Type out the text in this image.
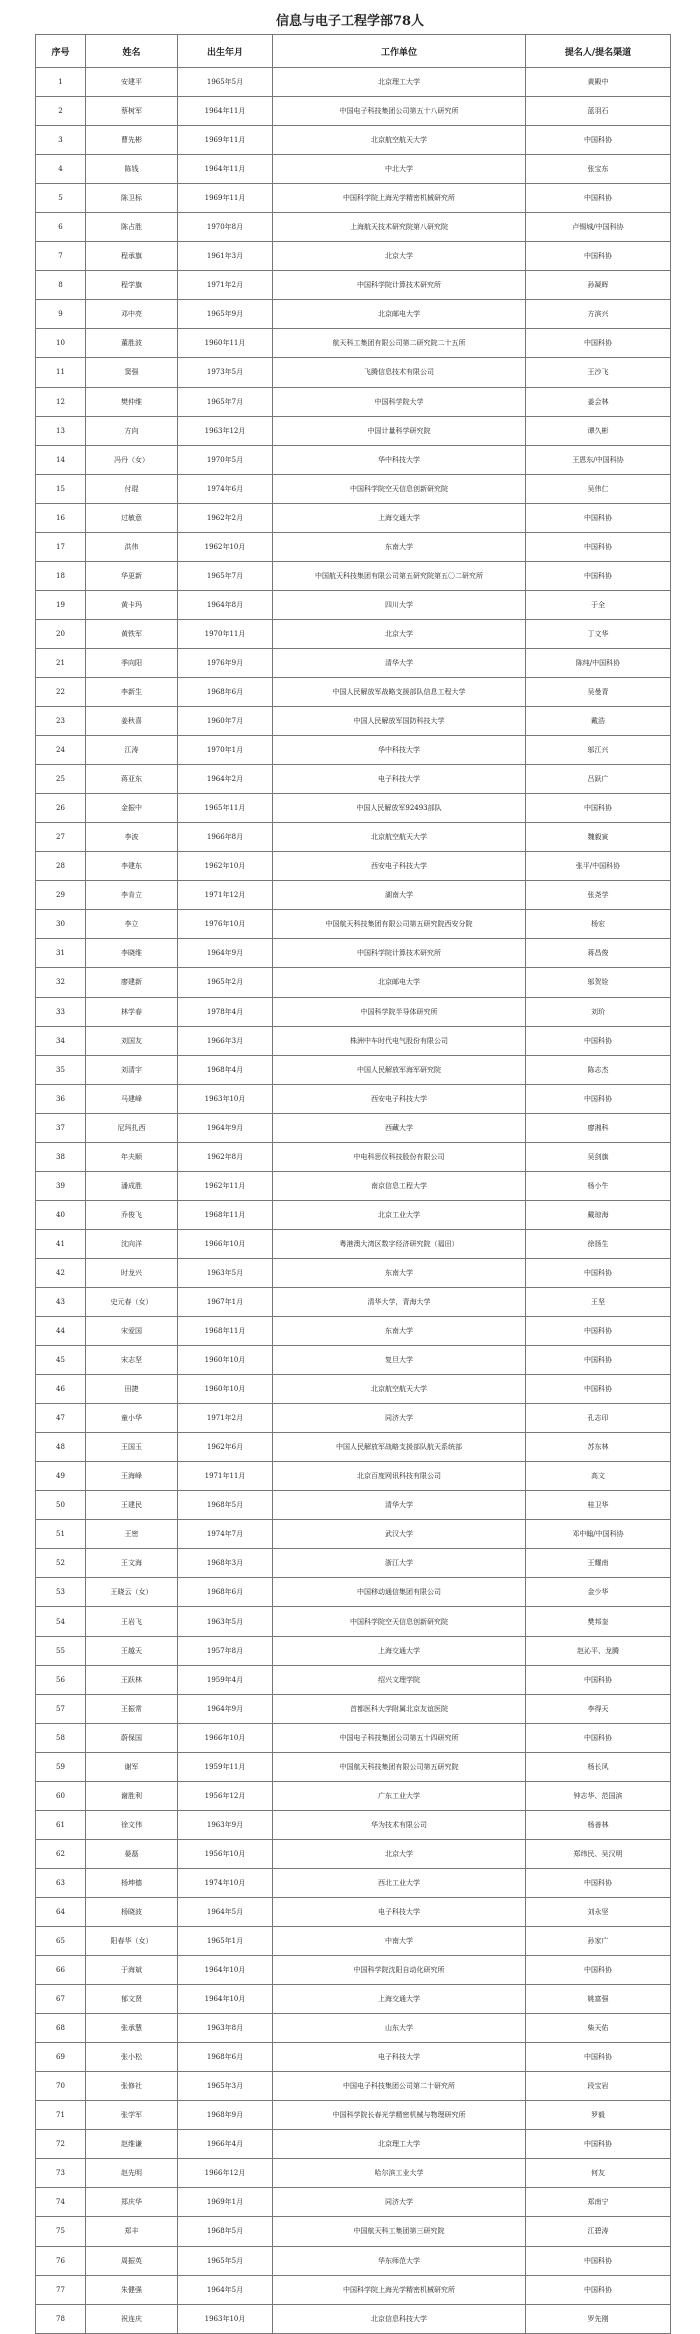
信息与电子工程学部78人
序号	姓名	出生年月	工作单位	提名人/提名渠道
1	安建平	1965年5月	北京理工大学	黄殿中
2	蔡树军	1964年11月	中国电子科技集团公司第五十八研究所	蓝羽石
3	曹先彬	1969年11月	北京航空航天大学	中国科协
4	陈钱	1964年11月	中北大学	张宝东
5	陈卫标	1969年11月	中国科学院上海光学精密机械研究所	中国科协
6	陈占胜	1970年8月	上海航天技术研究院第八研究院	卢锡城/中国科协
7	程承旗	1961年3月	北京大学	中国科协
8	程学旗	1971年2月	中国科学院计算技术研究所	孙凝晖
9	邓中亮	1965年9月	北京邮电大学	方滨兴
10	董胜波	1960年11月	航天科工集团有限公司第二研究院二十五所	中国科协
11	窦强	1973年5月	飞腾信息技术有限公司	王沙飞
12	樊仲维	1965年7月	中国科学院大学	姜会林
13	方向	1963年12月	中国计量科学研究院	谭久彬
14	冯丹（女）	1970年5月	华中科技大学	王恩东/中国科协
15	付琨	1974年6月	中国科学院空天信息创新研究院	吴伟仁
16	过敏意	1962年2月	上海交通大学	中国科协
17	洪伟	1962年10月	东南大学	中国科协
18	华更新	1965年7月	中国航天科技集团有限公司第五研究院第五〇二研究所	中国科协
19	黄卡玛	1964年8月	四川大学	于全
20	黄铁军	1970年11月	北京大学	丁文华
21	季向阳	1976年9月	清华大学	陈纯/中国科协
22	李新生	1968年6月	中国人民解放军战略支援部队信息工程大学	吴曼青
23	姜秋喜	1960年7月	中国人民解放军国防科技大学	戴浩
24	江涛	1970年1月	华中科技大学	邬江兴
25	蒋亚东	1964年2月	电子科技大学	吕跃广
26	金振中	1965年11月	中国人民解放军92493部队	中国科协
27	李波	1966年8月	北京航空航天大学	魏毅寅
28	李建东	1962年10月	西安电子科技大学	张平/中国科协
29	李肯立	1971年12月	湖南大学	张尧学
30	李立	1976年10月	中国航天科技集团有限公司第五研究院西安分院	杨宏
31	李晓维	1964年9月	中国科学院计算技术研究所	蒋昌俊
32	廖建新	1965年2月	北京邮电大学	邬贺铨
33	林学春	1978年4月	中国科学院半导体研究所	刘玠
34	刘国友	1966年3月	株洲中车时代电气股份有限公司	中国科协
35	刘清宇	1968年4月	中国人民解放军海军研究院	陈志杰
36	马建峰	1963年10月	西安电子科技大学	中国科协
37	尼玛扎西	1964年9月	西藏大学	廖湘科
38	年夫顺	1962年8月	中电科思仪科技股份有限公司	吴剑旗
39	潘成胜	1962年11月	南京信息工程大学	杨小牛
40	乔俊飞	1968年11月	北京工业大学	戴琼海
41	沈向洋	1966年10月	粤港澳大湾区数字经济研究院（福田）	徐扬生
42	时龙兴	1963年5月	东南大学	中国科协
43	史元春（女）	1967年1月	清华大学，青海大学	王坚
44	宋爱国	1968年11月	东南大学	中国科协
45	宋志坚	1960年10月	复旦大学	中国科协
46	田捷	1960年10月	北京航空航天大学	中国科协
47	童小华	1971年2月	同济大学	孔志印
48	王国玉	1962年6月	中国人民解放军战略支援部队航天系统部	苏东林
49	王海峰	1971年11月	北京百度网讯科技有限公司	高文
50	王建民	1968年5月	清华大学	桂卫华
51	王密	1974年7月	武汉大学	邓中翰/中国科协
52	王文海	1968年3月	浙江大学	王耀南
53	王晓云（女）	1968年6月	中国移动通信集团有限公司	金少华
54	王岩飞	1963年5月	中国科学院空天信息创新研究院	樊邦奎
55	王越天	1957年8月	上海交通大学	赵沁平、龙腾
56	王跃林	1959年4月	绍兴文理学院	中国科协
57	王振常	1964年9月	首都医科大学附属北京友谊医院	李得天
58	蔚保国	1966年10月	中国电子科技集团公司第五十四研究所	中国科协
59	谢军	1959年11月	中国航天科技集团有限公司第五研究院	杨长风
60	谢胜利	1956年12月	广东工业大学	钟志华、范国滨
61	徐文伟	1963年9月	华为技术有限公司	杨善林
62	晏磊	1956年10月	北京大学	郑纬民、吴汉明
63	杨坤德	1974年10月	西北工业大学	中国科协
64	杨晓波	1964年5月	电子科技大学	刘永坚
65	阳春华（女）	1965年1月	中南大学	孙家广
66	于海斌	1964年10月	中国科学院沈阳自动化研究所	中国科协
67	郁文贤	1964年10月	上海交通大学	姚富强
68	张承慧	1963年8月	山东大学	柴天佑
69	张小松	1968年6月	电子科技大学	中国科协
70	张修社	1965年3月	中国电子科技集团公司第二十研究所	段宝岩
71	张学军	1968年9月	中国科学院长春光学精密机械与物理研究所	罗毅
72	赵维谦	1966年4月	北京理工大学	中国科协
73	赵先明	1966年12月	哈尔滨工业大学	何友
74	郑庆华	1969年1月	同济大学	郑南宁
75	郑丰	1968年5月	中国航天科工集团第三研究院	江碧涛
76	周振英	1965年5月	华东师范大学	中国科协
77	朱健强	1964年5月	中国科学院上海光学精密机械研究所	中国科协
78	祝连庆	1963年10月	北京信息科技大学	罗先刚
